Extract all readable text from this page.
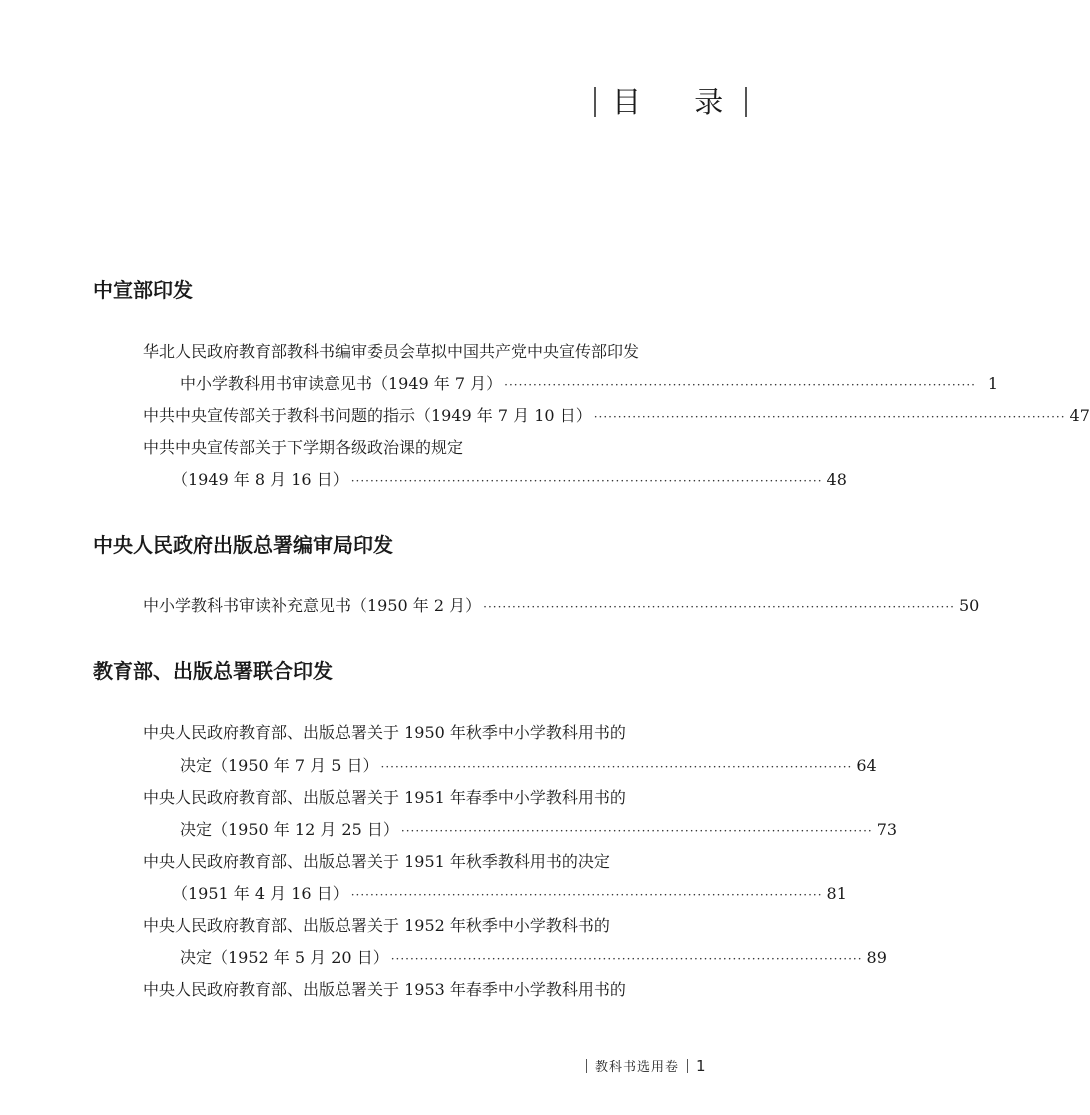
目 录
中宣部印发
华北人民政府教育部教科书编审委员会草拟中国共产党中央宣传部印发
中小学教科用书审读意见书（1949 年 7 月） ·································································································· 1
中共中央宣传部关于教科书问题的指示（1949 年 7 月 10 日） ·································································································· 47
中共中央宣传部关于下学期各级政治课的规定
（1949 年 8 月 16 日） ·································································································· 48
中央人民政府出版总署编审局印发
中小学教科书审读补充意见书（1950 年 2 月） ·································································································· 50
教育部、出版总署联合印发
中央人民政府教育部、出版总署关于 1950 年秋季中小学教科用书的
决定（1950 年 7 月 5 日） ·································································································· 64
中央人民政府教育部、出版总署关于 1951 年春季中小学教科用书的
决定（1950 年 12 月 25 日） ·································································································· 73
中央人民政府教育部、出版总署关于 1951 年秋季教科用书的决定
（1951 年 4 月 16 日） ·································································································· 81
中央人民政府教育部、出版总署关于 1952 年秋季中小学教科书的
决定（1952 年 5 月 20 日） ·································································································· 89
中央人民政府教育部、出版总署关于 1953 年春季中小学教科用书的
教科书选用卷 1
